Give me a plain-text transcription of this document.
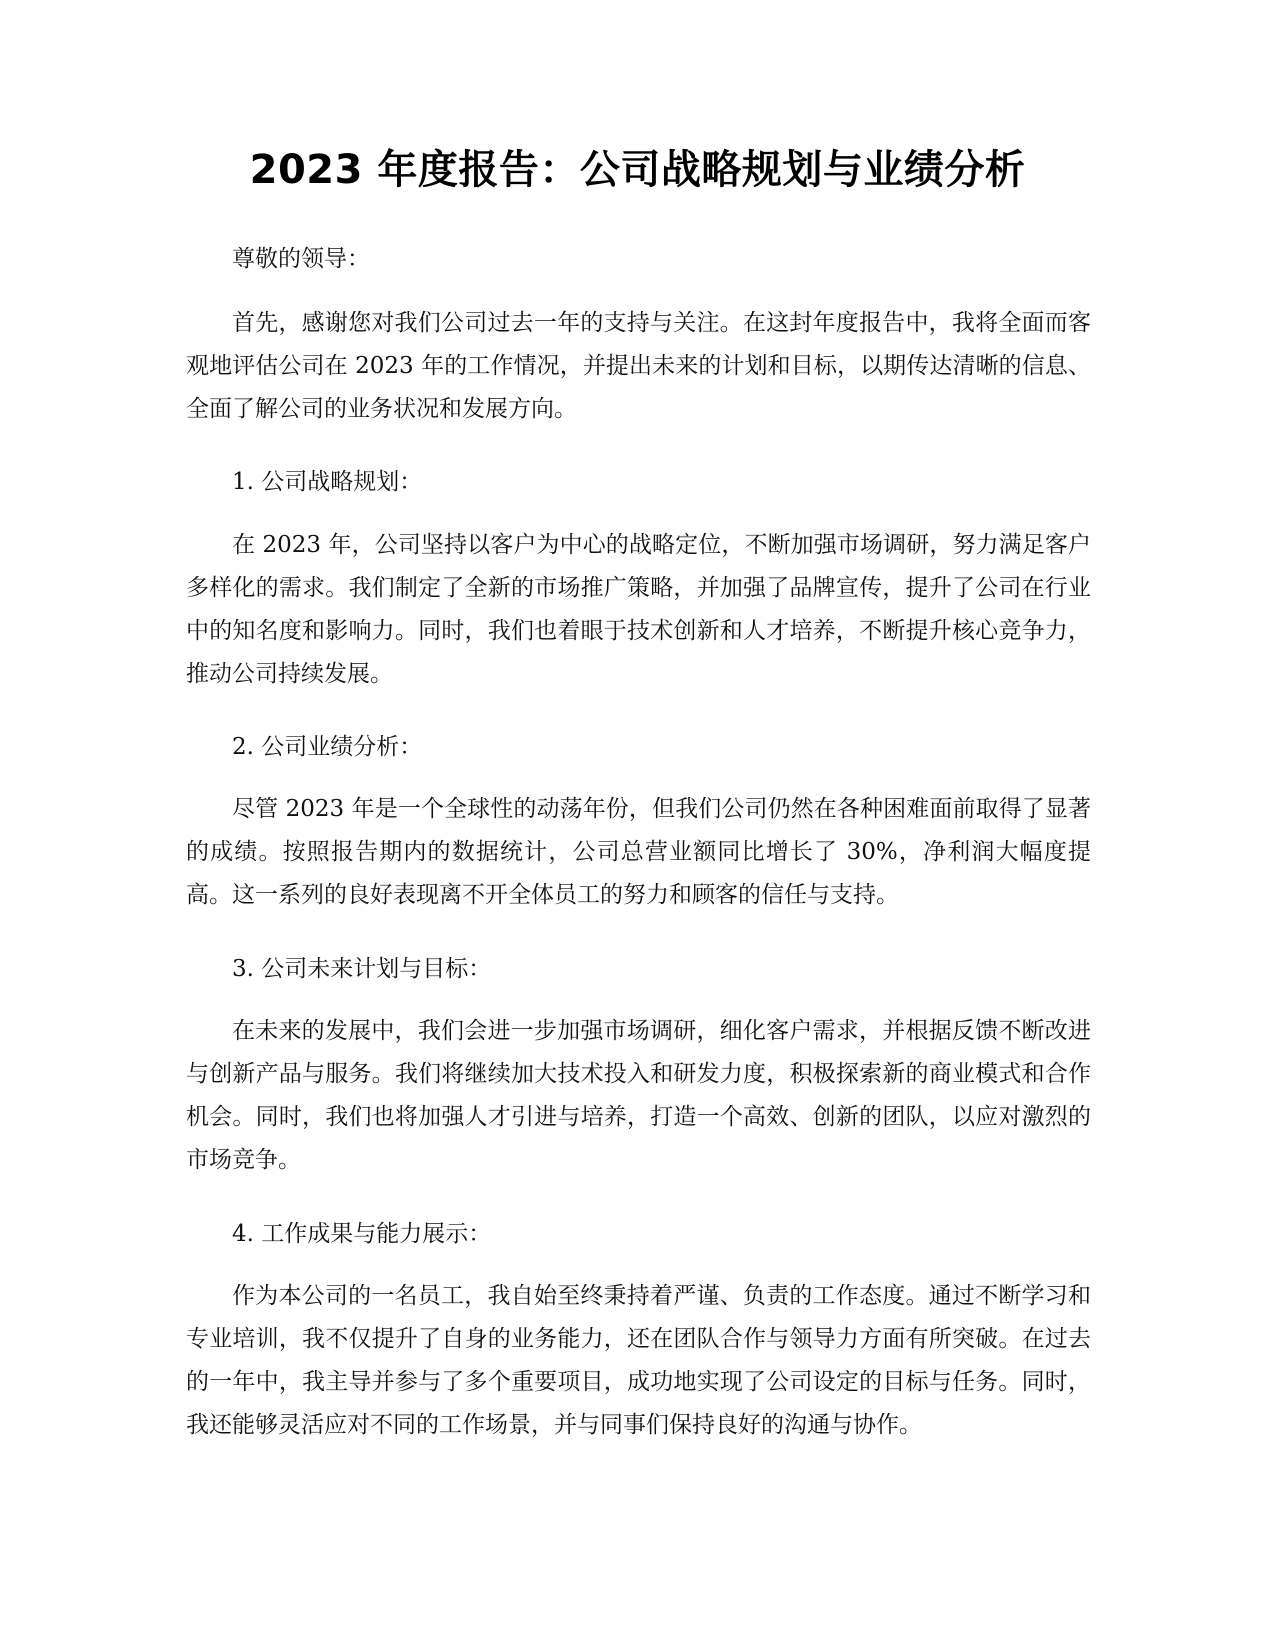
2023 年度报告：公司战略规划与业绩分析

尊敬的领导：

首先，感谢您对我们公司过去一年的支持与关注。在这封年度报告中，我将全面而客观地评估公司在 2023 年的工作情况，并提出未来的计划和目标，以期传达清晰的信息、全面了解公司的业务状况和发展方向。

1. 公司战略规划：

在 2023 年，公司坚持以客户为中心的战略定位，不断加强市场调研，努力满足客户多样化的需求。我们制定了全新的市场推广策略，并加强了品牌宣传，提升了公司在行业中的知名度和影响力。同时，我们也着眼于技术创新和人才培养，不断提升核心竞争力，推动公司持续发展。

2. 公司业绩分析：

尽管 2023 年是一个全球性的动荡年份，但我们公司仍然在各种困难面前取得了显著的成绩。按照报告期内的数据统计，公司总营业额同比增长了 30%，净利润大幅度提高。这一系列的良好表现离不开全体员工的努力和顾客的信任与支持。

3. 公司未来计划与目标：

在未来的发展中，我们会进一步加强市场调研，细化客户需求，并根据反馈不断改进与创新产品与服务。我们将继续加大技术投入和研发力度，积极探索新的商业模式和合作机会。同时，我们也将加强人才引进与培养，打造一个高效、创新的团队，以应对激烈的市场竞争。

4. 工作成果与能力展示：

作为本公司的一名员工，我自始至终秉持着严谨、负责的工作态度。通过不断学习和专业培训，我不仅提升了自身的业务能力，还在团队合作与领导力方面有所突破。在过去的一年中，我主导并参与了多个重要项目，成功地实现了公司设定的目标与任务。同时，我还能够灵活应对不同的工作场景，并与同事们保持良好的沟通与协作。
